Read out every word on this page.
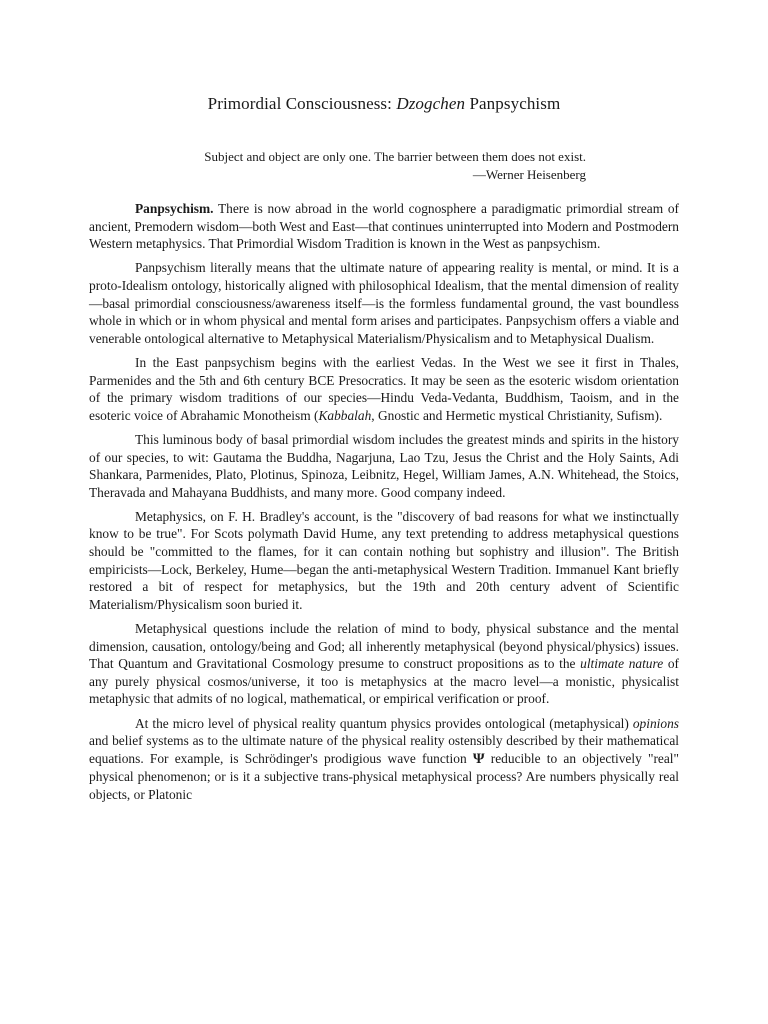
Primordial Consciousness: Dzogchen Panpsychism
Subject and object are only one. The barrier between them does not exist.
—Werner Heisenberg

Panpsychism. There is now abroad in the world cognosphere a paradigmatic primordial stream of ancient, Premodern wisdom—both West and East—that continues uninterrupted into Modern and Postmodern Western metaphysics. That Primordial Wisdom Tradition is known in the West as panpsychism.

Panpsychism literally means that the ultimate nature of appearing reality is mental, or mind. It is a proto-Idealism ontology, historically aligned with philosophical Idealism, that the mental dimension of reality—basal primordial consciousness/awareness itself—is the formless fundamental ground, the vast boundless whole in which or in whom physical and mental form arises and participates. Panpsychism offers a viable and venerable ontological alternative to Metaphysical Materialism/Physicalism and to Metaphysical Dualism.

In the East panpsychism begins with the earliest Vedas. In the West we see it first in Thales, Parmenides and the 5th and 6th century BCE Presocratics. It may be seen as the esoteric wisdom orientation of the primary wisdom traditions of our species—Hindu Veda-Vedanta, Buddhism, Taoism, and in the esoteric voice of Abrahamic Monotheism (Kabbalah, Gnostic and Hermetic mystical Christianity, Sufism).

This luminous body of basal primordial wisdom includes the greatest minds and spirits in the history of our species, to wit: Gautama the Buddha, Nagarjuna, Lao Tzu, Jesus the Christ and the Holy Saints, Adi Shankara, Parmenides, Plato, Plotinus, Spinoza, Leibnitz, Hegel, William James, A.N. Whitehead, the Stoics, Theravada and Mahayana Buddhists, and many more. Good company indeed.

Metaphysics, on F. H. Bradley's account, is the "discovery of bad reasons for what we instinctually know to be true". For Scots polymath David Hume, any text pretending to address metaphysical questions should be "committed to the flames, for it can contain nothing but sophistry and illusion". The British empiricists—Lock, Berkeley, Hume—began the anti-metaphysical Western Tradition. Immanuel Kant briefly restored a bit of respect for metaphysics, but the 19th and 20th century advent of Scientific Materialism/Physicalism soon buried it.

Metaphysical questions include the relation of mind to body, physical substance and the mental dimension, causation, ontology/being and God; all inherently metaphysical (beyond physical/physics) issues. That Quantum and Gravitational Cosmology presume to construct propositions as to the ultimate nature of any purely physical cosmos/universe, it too is metaphysics at the macro level—a monistic, physicalist metaphysic that admits of no logical, mathematical, or empirical verification or proof.

At the micro level of physical reality quantum physics provides ontological (metaphysical) opinions and belief systems as to the ultimate nature of the physical reality ostensibly described by their mathematical equations. For example, is Schrödinger's prodigious wave function Ψ reducible to an objectively "real" physical phenomenon; or is it a subjective trans-physical metaphysical process? Are numbers physically real objects, or Platonic
